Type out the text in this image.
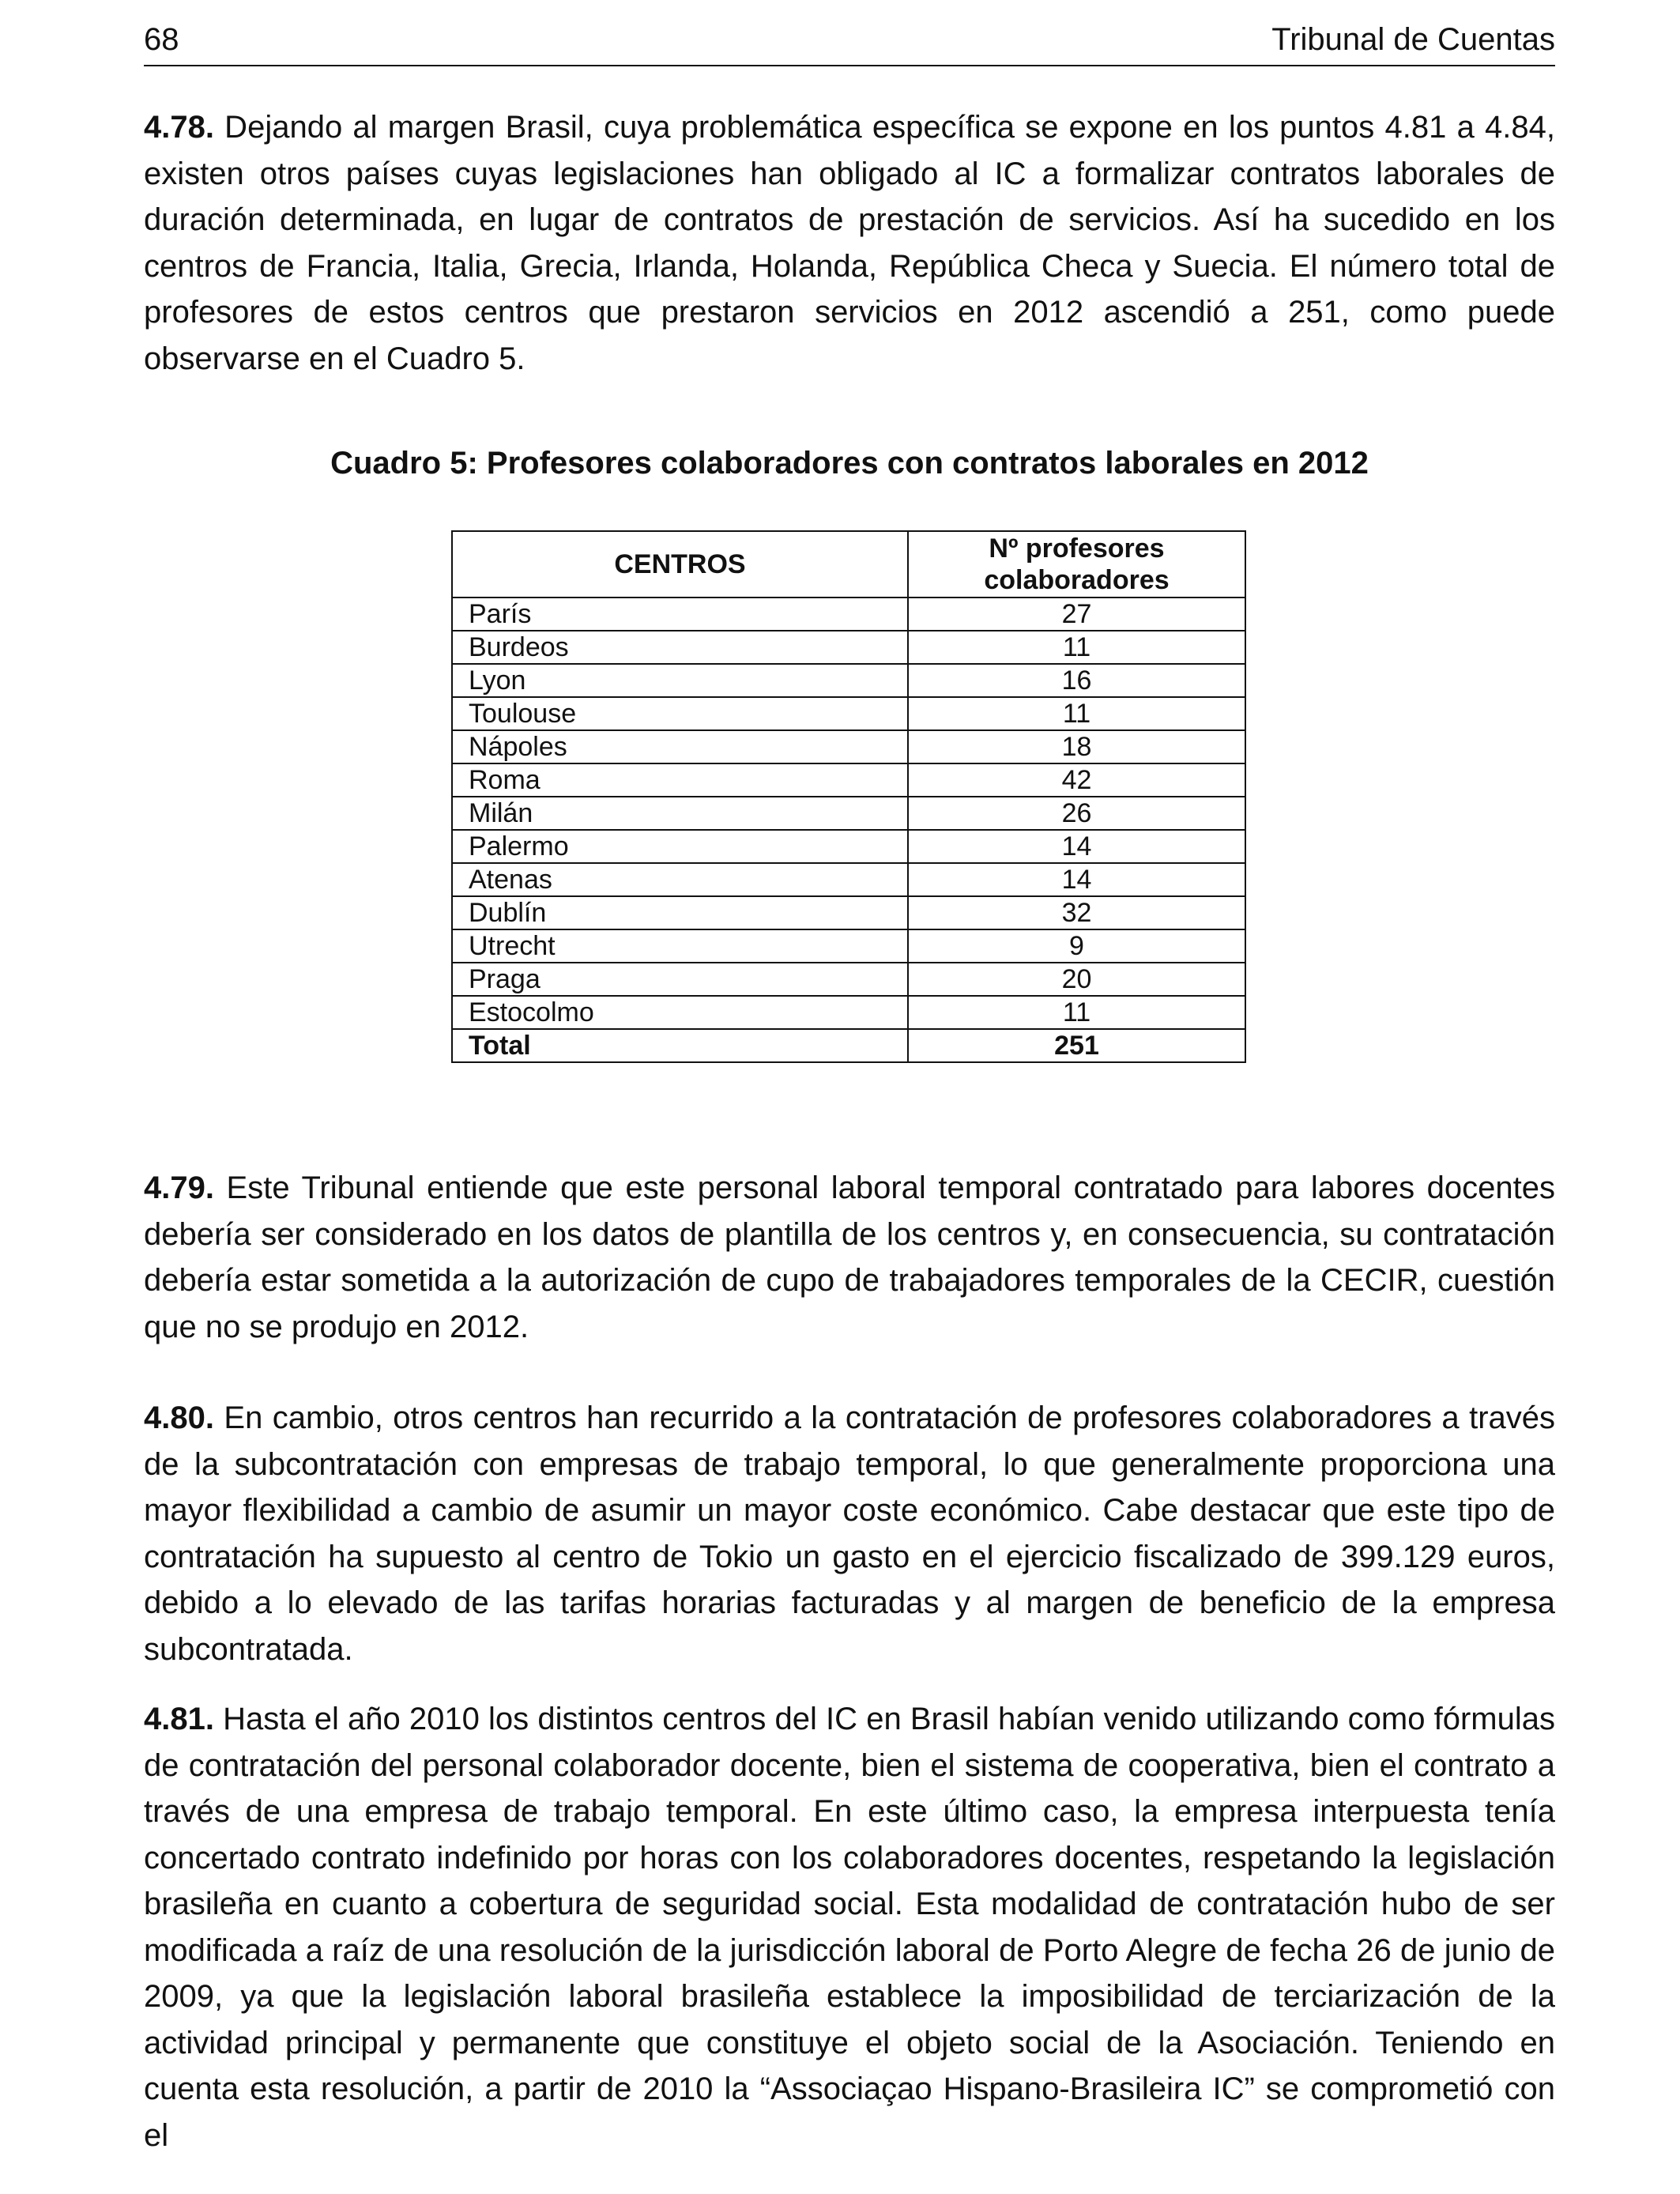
68	Tribunal de Cuentas

4.78. Dejando al margen Brasil, cuya problemática específica se expone en los puntos 4.81 a 4.84, existen otros países cuyas legislaciones han obligado al IC a formalizar contratos laborales de duración determinada, en lugar de contratos de prestación de servicios. Así ha sucedido en los centros de Francia, Italia, Grecia, Irlanda, Holanda, República Checa y Suecia. El número total de profesores de estos centros que prestaron servicios en 2012 ascendió a 251, como puede observarse en el Cuadro 5.

Cuadro 5: Profesores colaboradores con contratos laborales en 2012

CENTROS	Nº profesores colaboradores
París	27
Burdeos	11
Lyon	16
Toulouse	11
Nápoles	18
Roma	42
Milán	26
Palermo	14
Atenas	14
Dublín	32
Utrecht	9
Praga	20
Estocolmo	11
Total	251

4.79. Este Tribunal entiende que este personal laboral temporal contratado para labores docentes debería ser considerado en los datos de plantilla de los centros y, en consecuencia, su contratación debería estar sometida a la autorización de cupo de trabajadores temporales de la CECIR, cuestión que no se produjo en 2012.

4.80. En cambio, otros centros han recurrido a la contratación de profesores colaboradores a través de la subcontratación con empresas de trabajo temporal, lo que generalmente proporciona una mayor flexibilidad a cambio de asumir un mayor coste económico. Cabe destacar que este tipo de contratación ha supuesto al centro de Tokio un gasto en el ejercicio fiscalizado de 399.129 euros, debido a lo elevado de las tarifas horarias facturadas y al margen de beneficio de la empresa subcontratada.

4.81. Hasta el año 2010 los distintos centros del IC en Brasil habían venido utilizando como fórmulas de contratación del personal colaborador docente, bien el sistema de cooperativa, bien el contrato a través de una empresa de trabajo temporal. En este último caso, la empresa interpuesta tenía concertado contrato indefinido por horas con los colaboradores docentes, respetando la legislación brasileña en cuanto a cobertura de seguridad social. Esta modalidad de contratación hubo de ser modificada a raíz de una resolución de la jurisdicción laboral de Porto Alegre de fecha 26 de junio de 2009, ya que la legislación laboral brasileña establece la imposibilidad de terciarización de la actividad principal y permanente que constituye el objeto social de la Asociación. Teniendo en cuenta esta resolución, a partir de 2010 la “Associaçao Hispano-Brasileira IC” se comprometió con el
